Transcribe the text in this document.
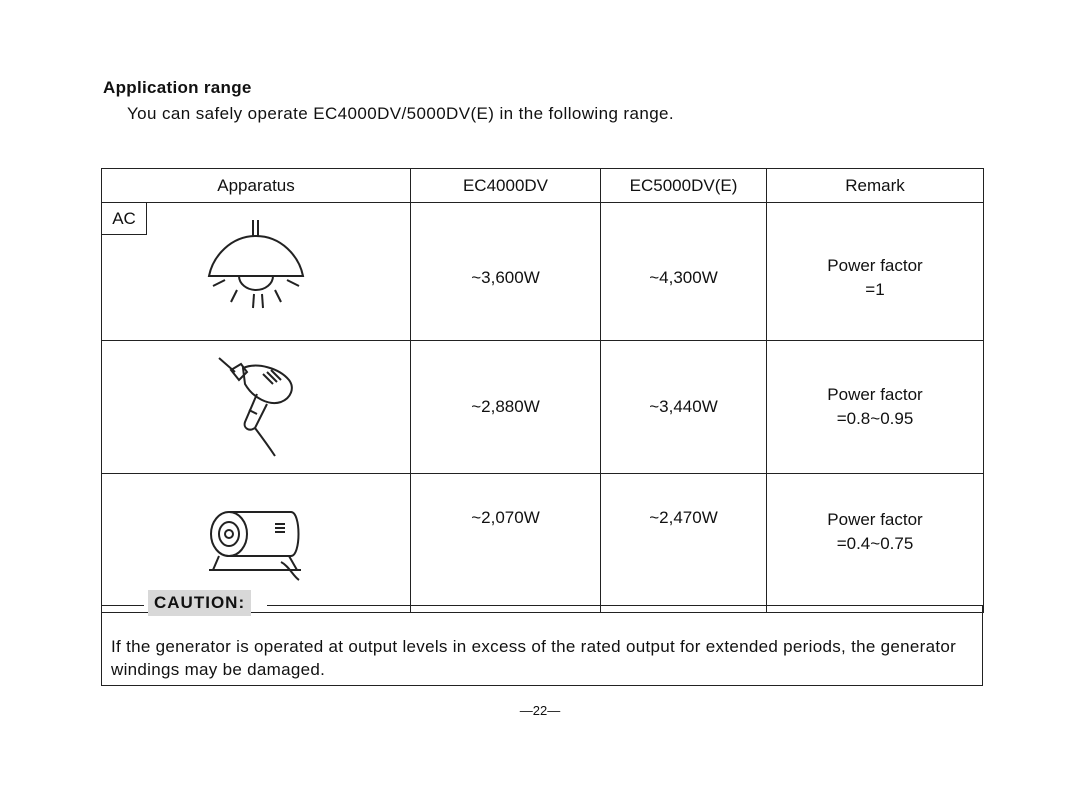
Application range
You can safely operate EC4000DV/5000DV(E) in the following range.
Apparatus	EC4000DV	EC5000DV(E)	Remark

AC	~3,600W	~4,300W	Power factor
=1

	~2,880W	~3,440W	Power factor
=0.8~0.95

	~2,070W	~2,470W	Power factor
=0.4~0.75
CAUTION:
If the generator is operated at output levels in excess of the rated output for extended periods, the generator windings may be damaged.
—22—
